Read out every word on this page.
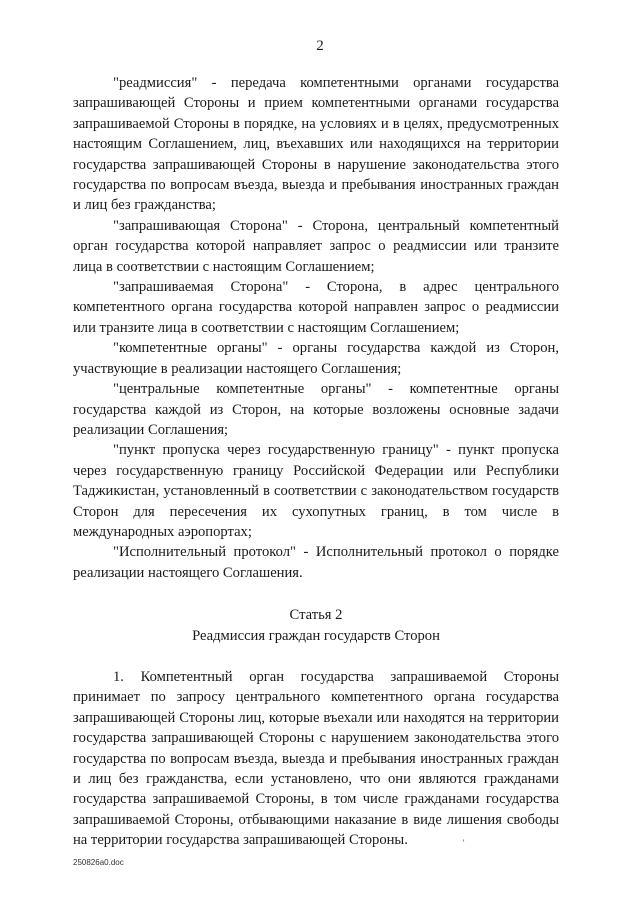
2

"реадмиссия" - передача компетентными органами государства запрашивающей Стороны и прием компетентными органами государства запрашиваемой Стороны в порядке, на условиях и в целях, предусмотренных настоящим Соглашением, лиц, въехавших или находящихся на территории государства запрашивающей Стороны в нарушение законодательства этого государства по вопросам въезда, выезда и пребывания иностранных граждан и лиц без гражданства;

"запрашивающая Сторона" - Сторона, центральный компетентный орган государства которой направляет запрос о реадмиссии или транзите лица в соответствии с настоящим Соглашением;

"запрашиваемая Сторона" - Сторона, в адрес центрального компетентного органа государства которой направлен запрос о реадмиссии или транзите лица в соответствии с настоящим Соглашением;

"компетентные органы" - органы государства каждой из Сторон, участвующие в реализации настоящего Соглашения;

"центральные компетентные органы" - компетентные органы государства каждой из Сторон, на которые возложены основные задачи реализации Соглашения;

"пункт пропуска через государственную границу" - пункт пропуска через государственную границу Российской Федерации или Республики Таджикистан, установленный в соответствии с законодательством государств Сторон для пересечения их сухопутных границ, в том числе в международных аэропортах;

"Исполнительный протокол" - Исполнительный протокол о порядке реализации настоящего Соглашения.

Статья 2

Реадмиссия граждан государств Сторон

1. Компетентный орган государства запрашиваемой Стороны принимает по запросу центрального компетентного органа государства запрашивающей Стороны лиц, которые въехали или находятся на территории государства запрашивающей Стороны с нарушением законодательства этого государства по вопросам въезда, выезда и пребывания иностранных граждан и лиц без гражданства, если установлено, что они являются гражданами государства запрашиваемой Стороны, в том числе гражданами государства запрашиваемой Стороны, отбывающими наказание в виде лишения свободы на территории государства запрашивающей Стороны.	ʼ
250826a0.doc
